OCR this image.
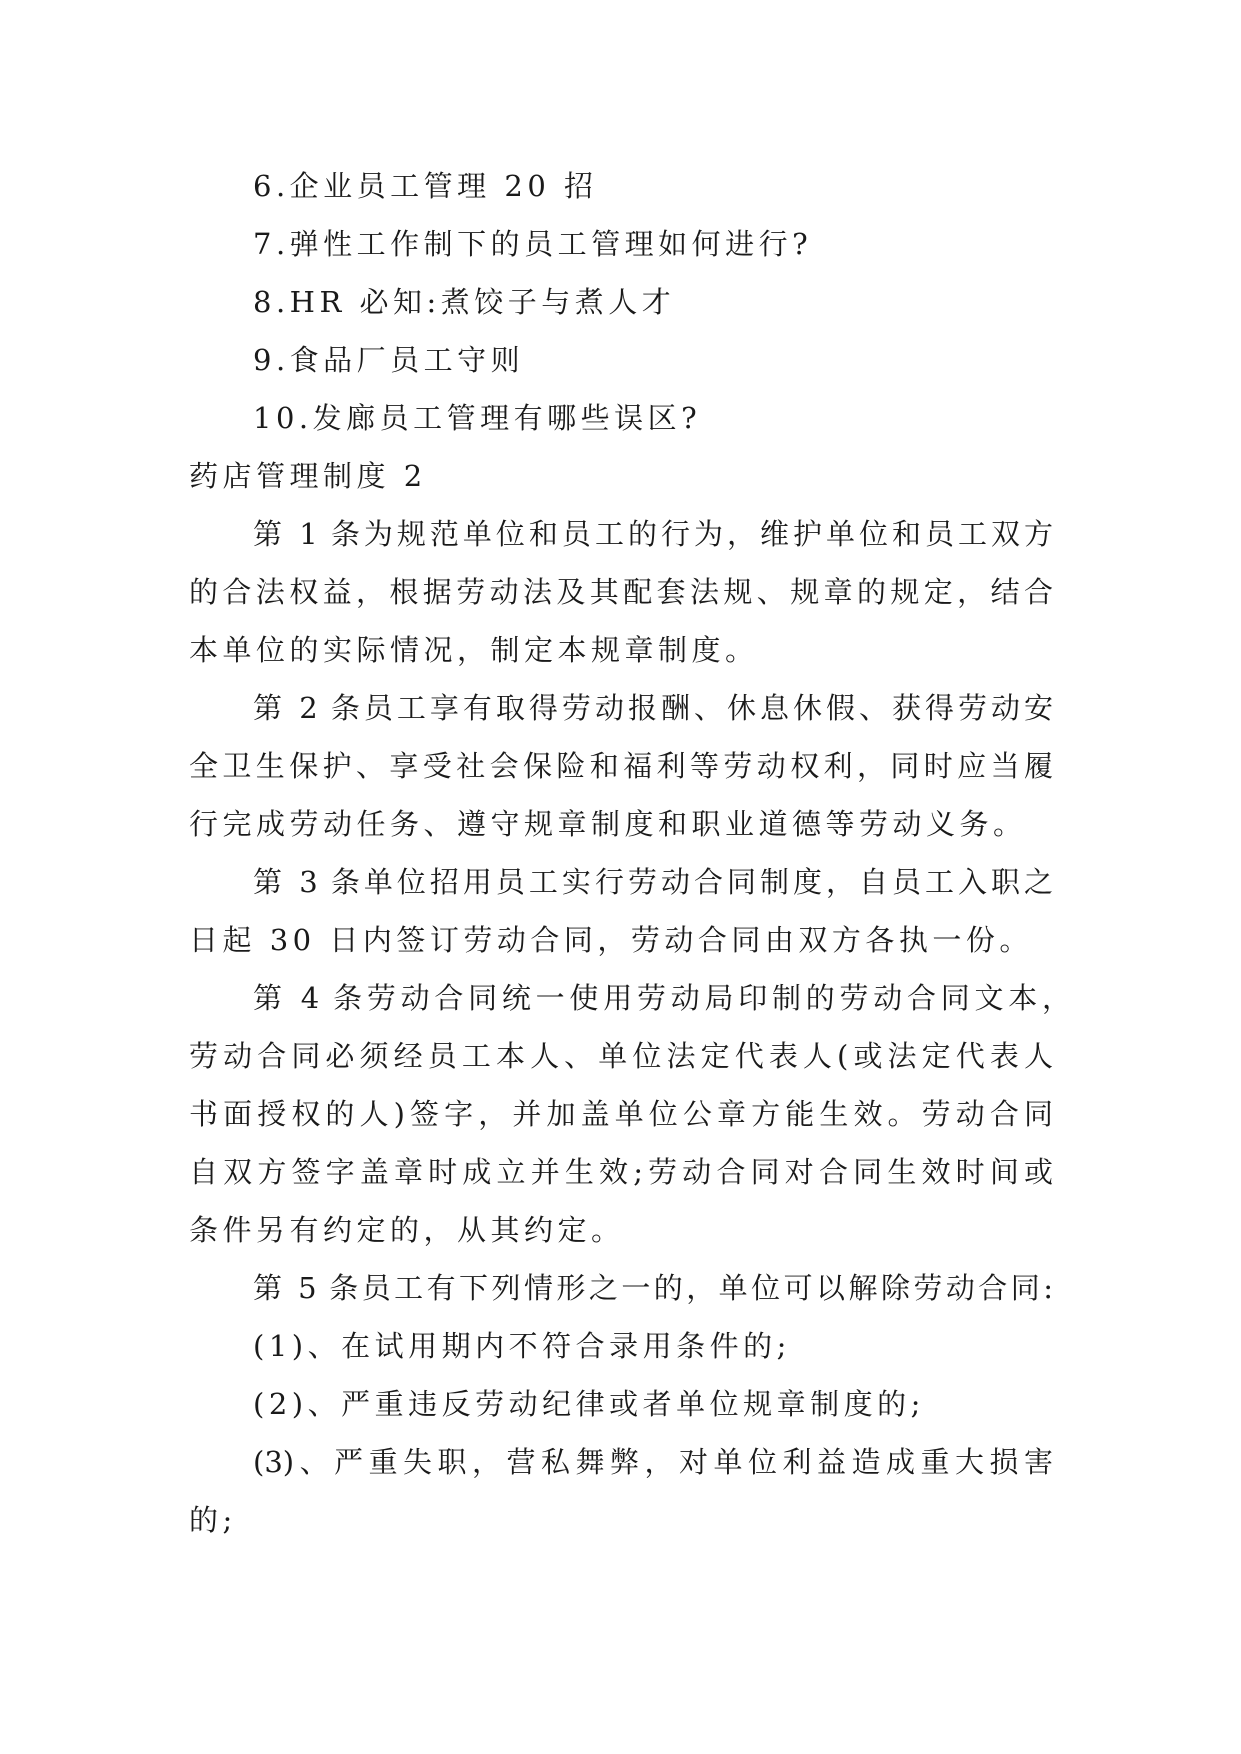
6.企业员工管理 20 招
7.弹性工作制下的员工管理如何进行?
8.HR 必知:煮饺子与煮人才
9.食品厂员工守则
10.发廊员工管理有哪些误区?
药店管理制度 2
第 1 条为规范单位和员工的行为，维护单位和员工双方
的合法权益，根据劳动法及其配套法规、规章的规定，结合
本单位的实际情况，制定本规章制度。
第 2 条员工享有取得劳动报酬、休息休假、获得劳动安
全卫生保护、享受社会保险和福利等劳动权利，同时应当履
行完成劳动任务、遵守规章制度和职业道德等劳动义务。
第 3 条单位招用员工实行劳动合同制度，自员工入职之
日起 30 日内签订劳动合同，劳动合同由双方各执一份。
第 4 条劳动合同统一使用劳动局印制的劳动合同文本，
劳动合同必须经员工本人、单位法定代表人(或法定代表人
书面授权的人)签字，并加盖单位公章方能生效。劳动合同
自双方签字盖章时成立并生效;劳动合同对合同生效时间或
条件另有约定的，从其约定。
第 5 条员工有下列情形之一的，单位可以解除劳动合同:
(1)、在试用期内不符合录用条件的;
(2)、严重违反劳动纪律或者单位规章制度的;
(3)、严重失职，营私舞弊，对单位利益造成重大损害
的;
